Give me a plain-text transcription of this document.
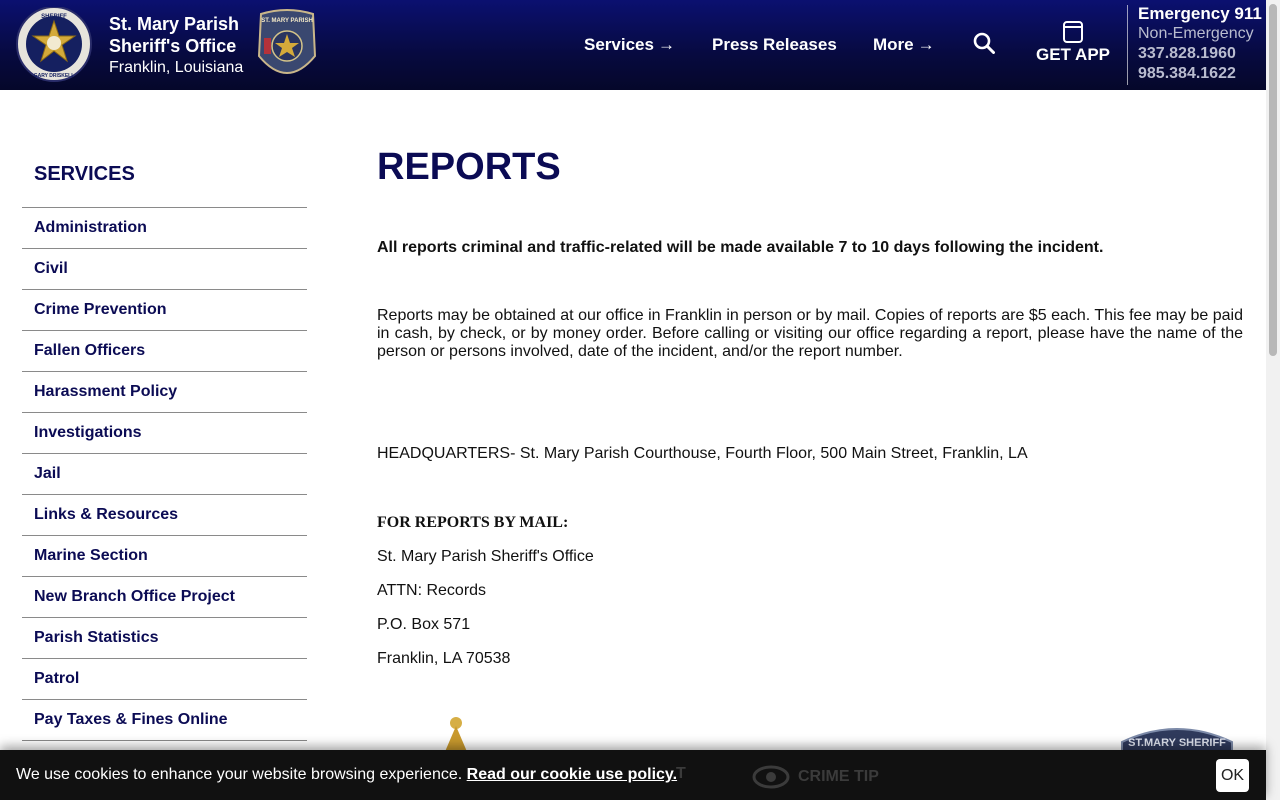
SHERIFF
GARY DRISKELL
St. Mary Parish
Sheriff's Office
Franklin, Louisiana
ST. MARY PARISH
Services → Press Releases More →
GET APP
Emergency 911
Non-Emergency
337.828.1960
985.384.1622
SERVICES
Administration
Civil
Crime Prevention
Fallen Officers
Harassment Policy
Investigations
Jail
Links & Resources
Marine Section
New Branch Office Project
Parish Statistics
Patrol
Pay Taxes & Fines Online
REPORTS

All reports criminal and traffic-related will be made available 7 to 10 days following the incident.

Reports may be obtained at our office in Franklin in person or by mail. Copies of reports are $5 each. This fee may be paid in cash, by check, or by money order. Before calling or visiting our office regarding a report, please have the name of the person or persons involved, date of the incident, and/or the report number.

HEADQUARTERS- St. Mary Parish Courthouse, Fourth Floor, 500 Main Street, Franklin, LA

FOR REPORTS BY MAIL:

St. Mary Parish Sheriff's Office

ATTN: Records

P.O. Box 571

Franklin, LA 70538

ST.MARY SHERIFF
We use cookies to enhance your website browsing experience. Read our cookie use policy.	OK
T	CRIME TIP
